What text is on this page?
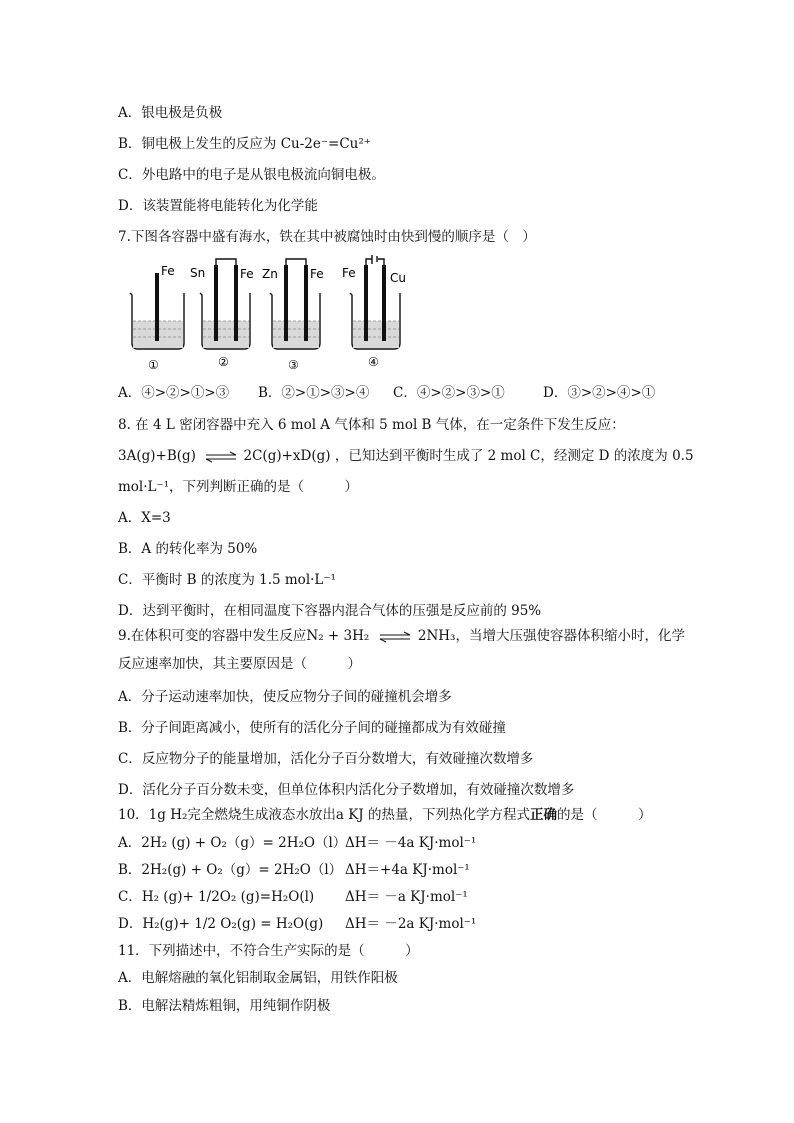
A．银电极是负极
B．铜电极上发生的反应为 Cu-2e⁻=Cu²⁺
C．外电路中的电子是从银电极流向铜电极。
D．该装置能将电能转化为化学能
7.下图各容器中盛有海水，铁在其中被腐蚀时由快到慢的顺序是（　）
Fe Sn	Fe Zn	Fe Fe	Cu
①	②	③	④
A．④>②>①>③ B．②>①>③>④ C．④>②>③>①	D．③>②>④>①
8. 在 4 L 密闭容器中充入 6 mol A 气体和 5 mol B 气体，在一定条件下发生反应：
3A(g)+B(g) ⇌ 2C(g)+xD(g) ，已知达到平衡时生成了 2 mol C，经测定 D 的浓度为 0.5
mol·L⁻¹，下列判断正确的是（　　　）
A．X=3
B．A 的转化率为 50%
C．平衡时 B 的浓度为 1.5 mol·L⁻¹
D．达到平衡时，在相同温度下容器内混合气体的压强是反应前的 95%
9.在体积可变的容器中发生反应N₂ + 3H₂ ⇌ 2NH₃，当增大压强使容器体积缩小时，化学
反应速率加快，其主要原因是（　　　）
A．分子运动速率加快，使反应物分子间的碰撞机会增多
B．分子间距离减小，使所有的活化分子间的碰撞都成为有效碰撞
C．反应物分子的能量增加，活化分子百分数增大，有效碰撞次数增多
D．活化分子百分数未变，但单位体积内活化分子数增加，有效碰撞次数增多
10．1g H₂完全燃烧生成液态水放出a KJ 的热量，下列热化学方程式正确的是（　　　）
A．2H₂ (g) + O₂（g）= 2H₂O（l）
ΔH＝ －4a KJ·mol⁻¹
B．2H₂(g) + O₂（g）= 2H₂O（l） ΔH＝+4a KJ·mol⁻¹
C．H₂ (g)+ 1/2O₂ (g)=H₂O(l) ΔH＝ －a KJ·mol⁻¹
D．H₂(g)+ 1/2 O₂(g) = H₂O(g) ΔH＝ －2a KJ·mol⁻¹
11．下列描述中，不符合生产实际的是（　　　）
A．电解熔融的氧化铝制取金属铝，用铁作阳极
B．电解法精炼粗铜，用纯铜作阴极
